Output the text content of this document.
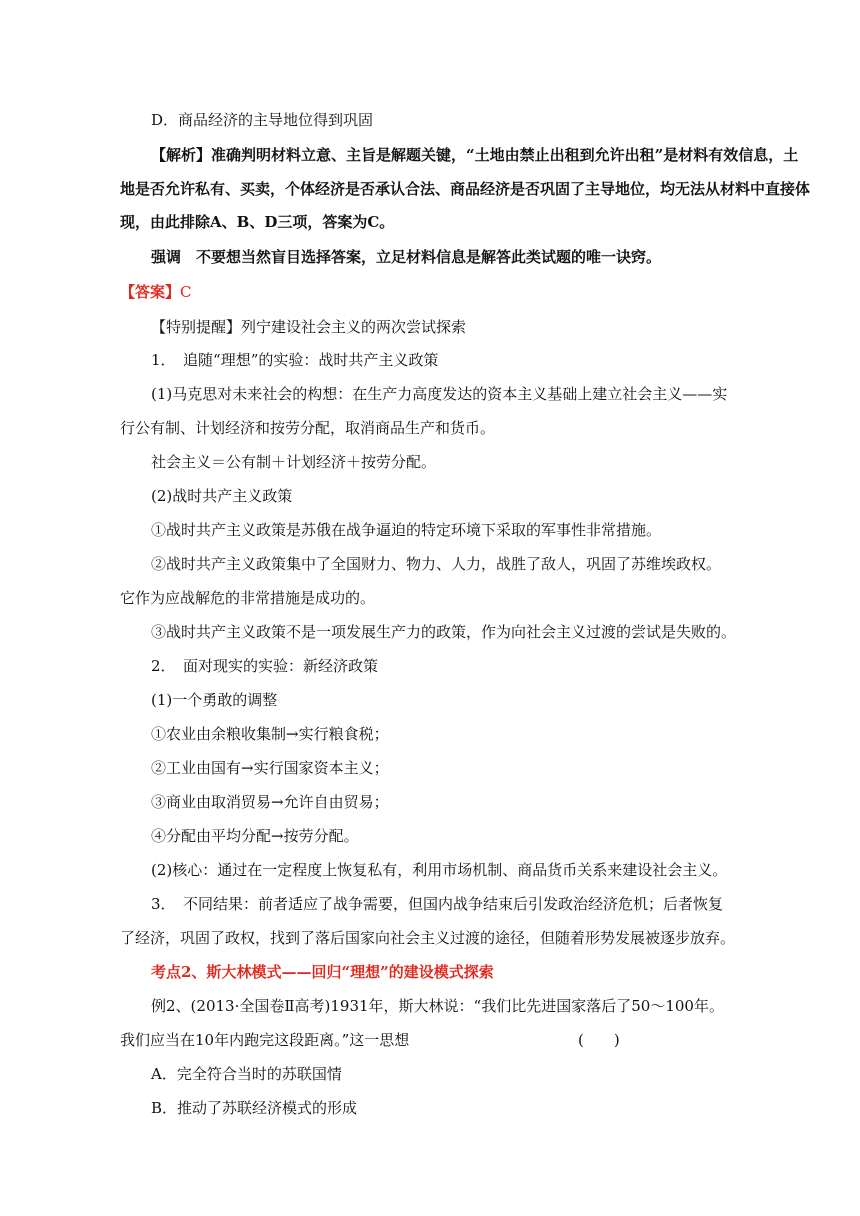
D．商品经济的主导地位得到巩固
【解析】准确判明材料立意、主旨是解题关键，“土地由禁止出租到允许出租”是材料有效信息，土
地是否允许私有、买卖，个体经济是否承认合法、商品经济是否巩固了主导地位，均无法从材料中直接体
现，由此排除A、B、D三项，答案为C。
强调　不要想当然盲目选择答案，立足材料信息是解答此类试题的唯一诀窍。
【答案】C
【特别提醒】列宁建设社会主义的两次尝试探索
1．　追随“理想”的实验：战时共产主义政策
(1)马克思对未来社会的构想：在生产力高度发达的资本主义基础上建立社会主义——实
行公有制、计划经济和按劳分配，取消商品生产和货币。
社会主义＝公有制＋计划经济＋按劳分配。
(2)战时共产主义政策
①战时共产主义政策是苏俄在战争逼迫的特定环境下采取的军事性非常措施。
②战时共产主义政策集中了全国财力、物力、人力，战胜了敌人，巩固了苏维埃政权。
它作为应战解危的非常措施是成功的。
③战时共产主义政策不是一项发展生产力的政策，作为向社会主义过渡的尝试是失败的。
2．　面对现实的实验：新经济政策
(1)一个勇敢的调整
①农业由余粮收集制→实行粮食税；
②工业由国有→实行国家资本主义；
③商业由取消贸易→允许自由贸易；
④分配由平均分配→按劳分配。
(2)核心：通过在一定程度上恢复私有，利用市场机制、商品货币关系来建设社会主义。
3．　不同结果：前者适应了战争需要，但国内战争结束后引发政治经济危机；后者恢复
了经济，巩固了政权，找到了落后国家向社会主义过渡的途径，但随着形势发展被逐步放弃。
考点2、斯大林模式——回归“理想”的建设模式探索
例2、(2013·全国卷Ⅱ高考)1931年，斯大林说：“我们比先进国家落后了50～100年。
我们应当在10年内跑完这段距离。”这一思想	(　　)
A．完全符合当时的苏联国情
B．推动了苏联经济模式的形成
